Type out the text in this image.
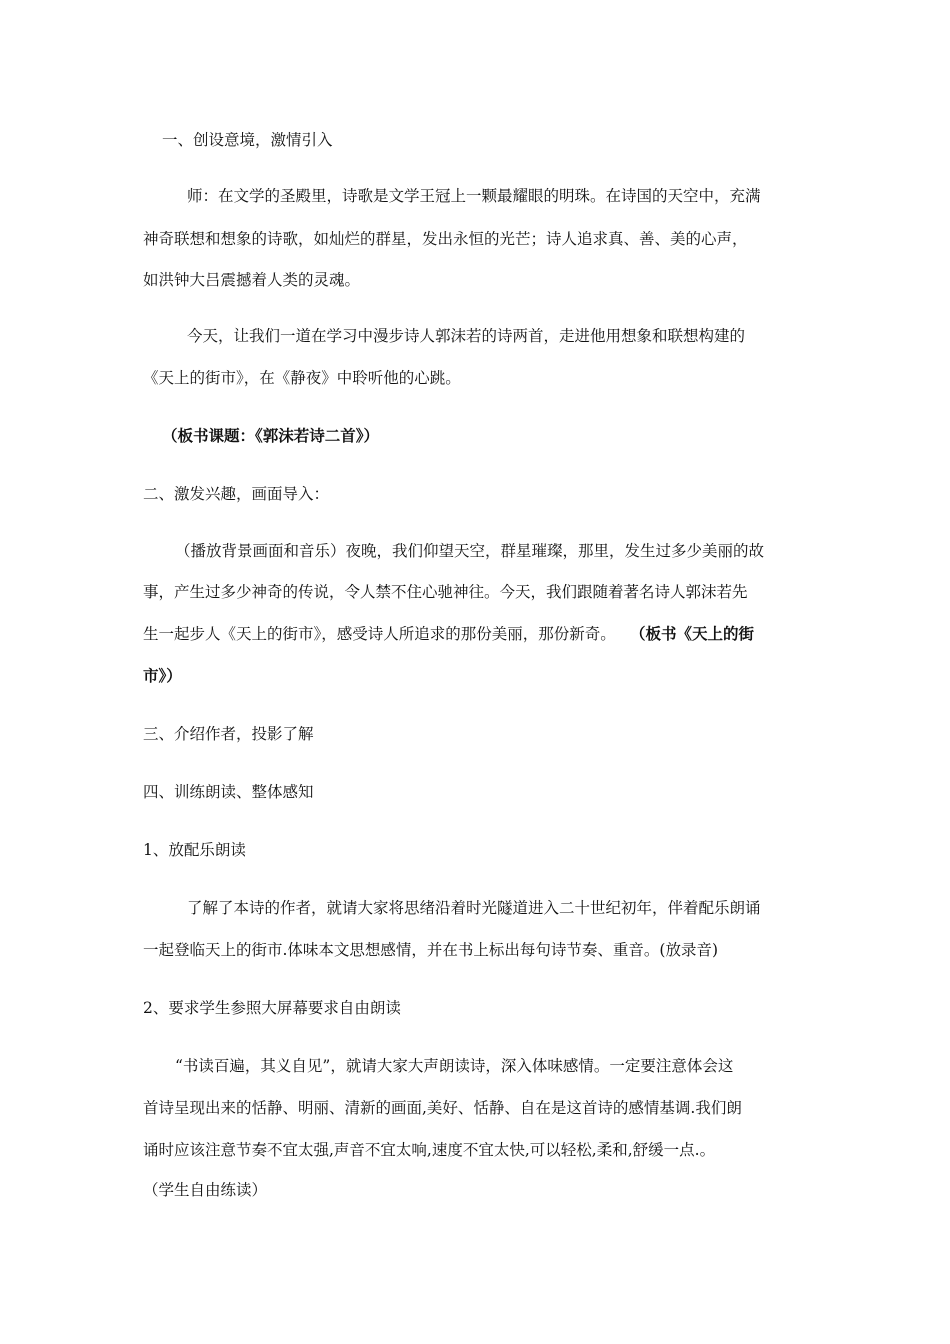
一、创设意境，激情引入
师：在文学的圣殿里，诗歌是文学王冠上一颗最耀眼的明珠。在诗国的天空中，充满
神奇联想和想象的诗歌，如灿烂的群星，发出永恒的光芒；诗人追求真、善、美的心声，
如洪钟大吕震撼着人类的灵魂。
今天，让我们一道在学习中漫步诗人郭沫若的诗两首，走进他用想象和联想构建的
《天上的街市》，在《静夜》中聆听他的心跳。
（板书课题：《郭沫若诗二首》）
二、激发兴趣，画面导入：
（播放背景画面和音乐）夜晚，我们仰望天空，群星璀璨，那里，发生过多少美丽的故
事，产生过多少神奇的传说，令人禁不住心驰神往。今天，我们跟随着著名诗人郭沫若先
生一起步人《天上的街市》，感受诗人所追求的那份美丽，那份新奇。 （板书《天上的街
市》）
三、介绍作者，投影了解
四、训练朗读、整体感知
1、放配乐朗读
了解了本诗的作者，就请大家将思绪沿着时光隧道进入二十世纪初年，伴着配乐朗诵
一起登临天上的街市.体味本文思想感情，并在书上标出每句诗节奏、重音。(放录音)
2、要求学生参照大屏幕要求自由朗读
“书读百遍，其义自见”，就请大家大声朗读诗，深入体味感情。一定要注意体会这
首诗呈现出来的恬静、明丽、清新的画面,美好、恬静、自在是这首诗的感情基调.我们朗
诵时应该注意节奏不宜太强,声音不宜太响,速度不宜太快,可以轻松,柔和,舒缓一点.。
（学生自由练读）
